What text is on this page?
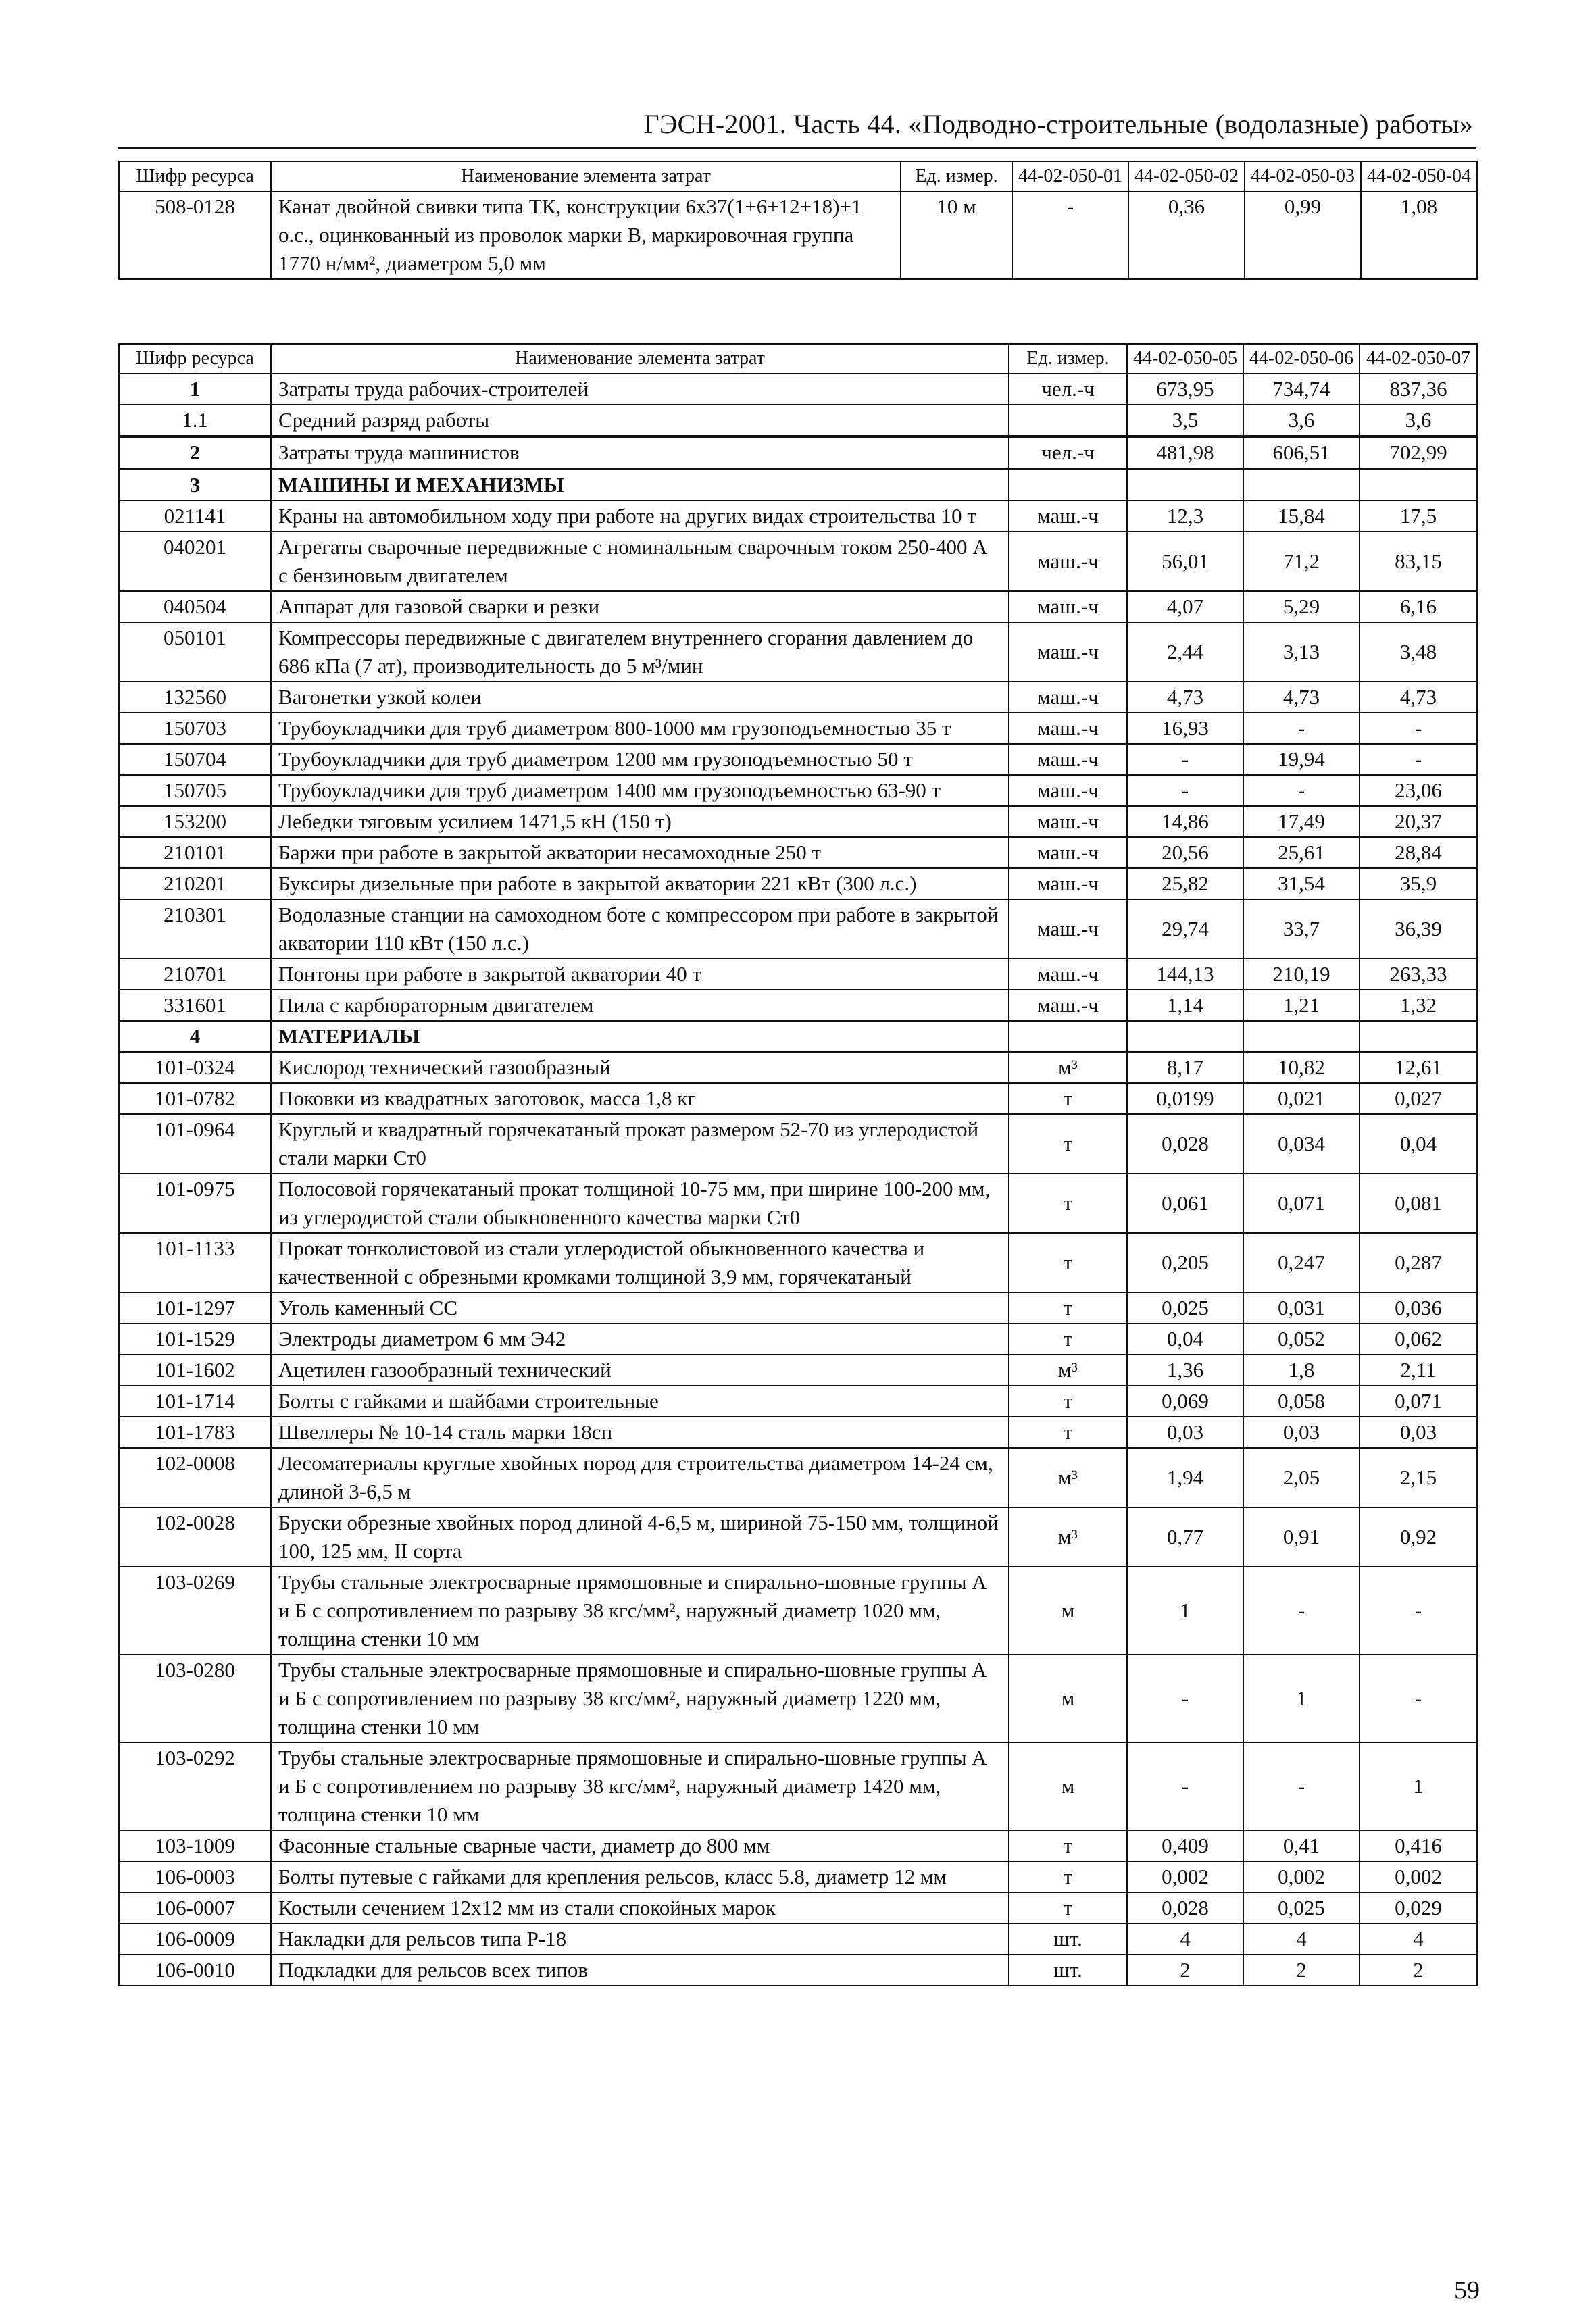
ГЭСН-2001. Часть 44. «Подводно-строительные (водолазные) работы»
Шифр ресурса	Наименование элемента затрат	Ед. измер.	44-02-050-01	44-02-050-02	44-02-050-03	44-02-050-04
508-0128	Канат двойной свивки типа ТК, конструкции 6х37(1+6+12+18)+1 о.с., оцинкованный из проволок марки В, маркировочная группа 1770 н/мм², диаметром 5,0 мм	10 м	-	0,36	0,99	1,08
Шифр ресурса	Наименование элемента затрат	Ед. измер.	44-02-050-05	44-02-050-06	44-02-050-07
1	Затраты труда рабочих-строителей	чел.-ч	673,95	734,74	837,36
1.1	Средний разряд работы		3,5	3,6	3,6
2	Затраты труда машинистов	чел.-ч	481,98	606,51	702,99
3	МАШИНЫ И МЕХАНИЗМЫ				
021141	Краны на автомобильном ходу при работе на других видах строительства 10 т	маш.-ч	12,3	15,84	17,5
040201	Агрегаты сварочные передвижные с номинальным сварочным током 250-400 А с бензиновым двигателем	маш.-ч	56,01	71,2	83,15
040504	Аппарат для газовой сварки и резки	маш.-ч	4,07	5,29	6,16
050101	Компрессоры передвижные с двигателем внутреннего сгорания давлением до 686 кПа (7 ат), производительность до 5 м³/мин	маш.-ч	2,44	3,13	3,48
132560	Вагонетки узкой колеи	маш.-ч	4,73	4,73	4,73
150703	Трубоукладчики для труб диаметром 800-1000 мм грузоподъемностью 35 т	маш.-ч	16,93	-	-
150704	Трубоукладчики для труб диаметром 1200 мм грузоподъемностью 50 т	маш.-ч	-	19,94	-
150705	Трубоукладчики для труб диаметром 1400 мм грузоподъемностью 63-90 т	маш.-ч	-	-	23,06
153200	Лебедки тяговым усилием 1471,5 кН (150 т)	маш.-ч	14,86	17,49	20,37
210101	Баржи при работе в закрытой акватории несамоходные 250 т	маш.-ч	20,56	25,61	28,84
210201	Буксиры дизельные при работе в закрытой акватории 221 кВт (300 л.с.)	маш.-ч	25,82	31,54	35,9
210301	Водолазные станции на самоходном боте с компрессором при работе в закрытой акватории 110 кВт (150 л.с.)	маш.-ч	29,74	33,7	36,39
210701	Понтоны при работе в закрытой акватории 40 т	маш.-ч	144,13	210,19	263,33
331601	Пила с карбюраторным двигателем	маш.-ч	1,14	1,21	1,32
4	МАТЕРИАЛЫ				
101-0324	Кислород технический газообразный	м³	8,17	10,82	12,61
101-0782	Поковки из квадратных заготовок, масса 1,8 кг	т	0,0199	0,021	0,027
101-0964	Круглый и квадратный горячекатаный прокат размером 52-70 из углеродистой стали марки Ст0	т	0,028	0,034	0,04
101-0975	Полосовой горячекатаный прокат толщиной 10-75 мм, при ширине 100-200 мм, из углеродистой стали обыкновенного качества марки Ст0	т	0,061	0,071	0,081
101-1133	Прокат тонколистовой из стали углеродистой обыкновенного качества и качественной с обрезными кромками толщиной 3,9 мм, горячекатаный	т	0,205	0,247	0,287
101-1297	Уголь каменный СС	т	0,025	0,031	0,036
101-1529	Электроды диаметром 6 мм Э42	т	0,04	0,052	0,062
101-1602	Ацетилен газообразный технический	м³	1,36	1,8	2,11
101-1714	Болты с гайками и шайбами строительные	т	0,069	0,058	0,071
101-1783	Швеллеры № 10-14 сталь марки 18сп	т	0,03	0,03	0,03
102-0008	Лесоматериалы круглые хвойных пород для строительства диаметром 14-24 см, длиной 3-6,5 м	м³	1,94	2,05	2,15
102-0028	Бруски обрезные хвойных пород длиной 4-6,5 м, шириной 75-150 мм, толщиной 100, 125 мм, II сорта	м³	0,77	0,91	0,92
103-0269	Трубы стальные электросварные прямошовные и спирально-шовные группы А и Б с сопротивлением по разрыву 38 кгс/мм², наружный диаметр 1020 мм, толщина стенки 10 мм	м	1	-	-
103-0280	Трубы стальные электросварные прямошовные и спирально-шовные группы А и Б с сопротивлением по разрыву 38 кгс/мм², наружный диаметр 1220 мм, толщина стенки 10 мм	м	-	1	-
103-0292	Трубы стальные электросварные прямошовные и спирально-шовные группы А и Б с сопротивлением по разрыву 38 кгс/мм², наружный диаметр 1420 мм, толщина стенки 10 мм	м	-	-	1
103-1009	Фасонные стальные сварные части, диаметр до 800 мм	т	0,409	0,41	0,416
106-0003	Болты путевые с гайками для крепления рельсов, класс 5.8, диаметр 12 мм	т	0,002	0,002	0,002
106-0007	Костыли сечением 12х12 мм из стали спокойных марок	т	0,028	0,025	0,029
106-0009	Накладки для рельсов типа Р-18	шт.	4	4	4
106-0010	Подкладки для рельсов всех типов	шт.	2	2	2
59
